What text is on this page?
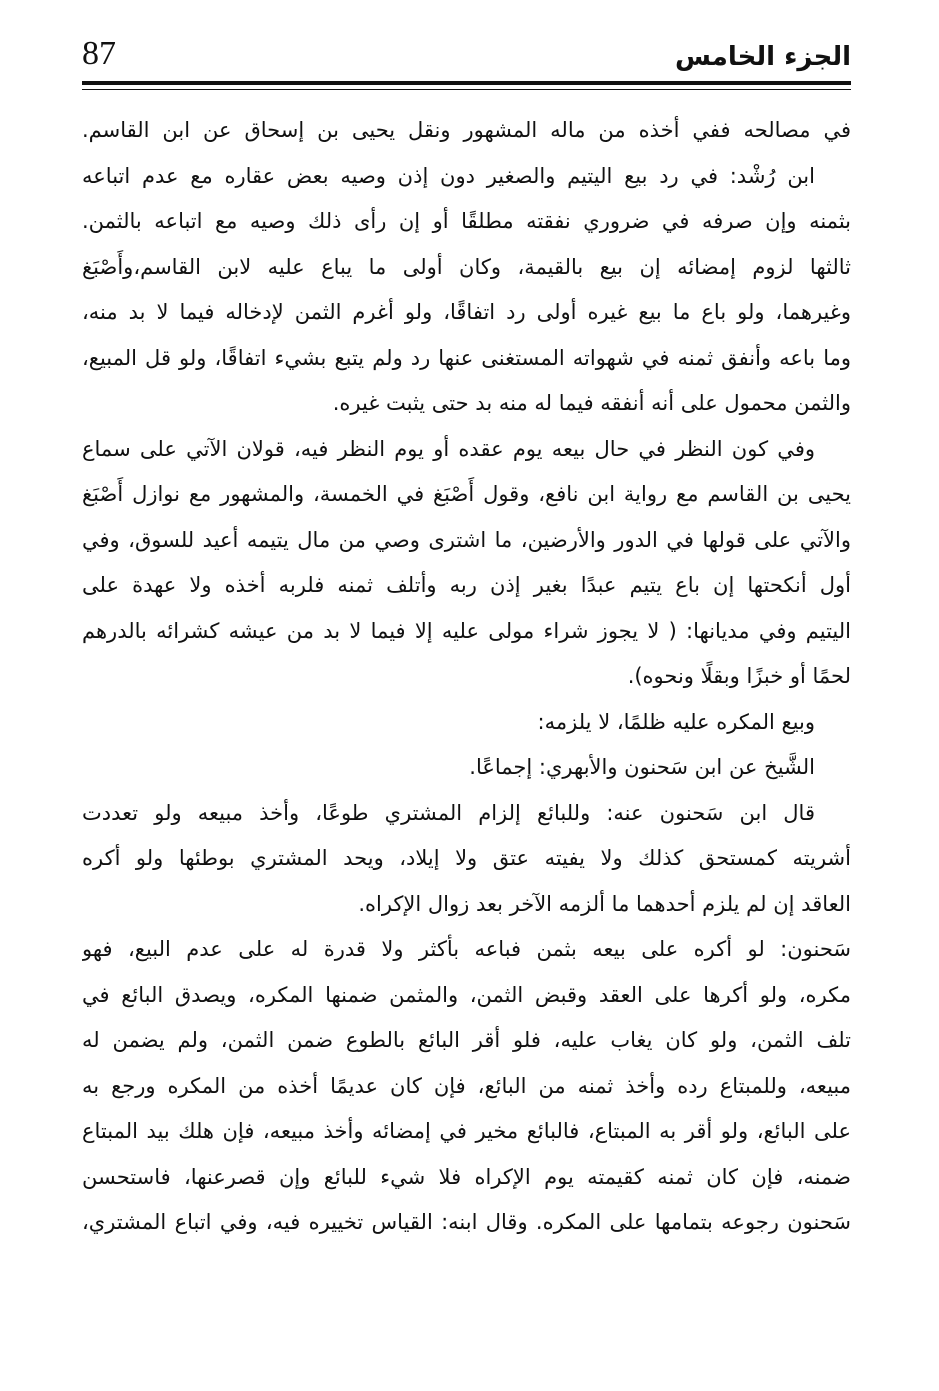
87	الجزء الخامس
في مصالحه ففي أخذه من ماله المشهور ونقل يحيى بن إسحاق عن ابن القاسم.
ابن رُشْد: في رد بيع اليتيم والصغير دون إذن وصيه بعض عقاره مع عدم اتباعه
بثمنه وإن صرفه في ضروري نفقته مطلقًا أو إن رأى ذلك وصيه مع اتباعه بالثمن.
ثالثها لزوم إمضائه إن بيع بالقيمة، وكان أولى ما يباع عليه لابن القاسم،وأَصْبَغ
وغيرهما، ولو باع ما بيع غيره أولى رد اتفاقًا، ولو أغرم الثمن لإدخاله فيما لا بد منه،
وما باعه وأنفق ثمنه في شهواته المستغنى عنها رد ولم يتبع بشيء اتفاقًا، ولو قل المبيع،
والثمن محمول على أنه أنفقه فيما له منه بد حتى يثبت غيره.
وفي كون النظر في حال بيعه يوم عقده أو يوم النظر فيه، قولان الآتي على سماع
يحيى بن القاسم مع رواية ابن نافع، وقول أَصْبَغ في الخمسة، والمشهور مع نوازل أَصْبَغ
والآتي على قولها في الدور والأرضين، ما اشترى وصي من مال يتيمه أعيد للسوق، وفي
أول أنكحتها إن باع يتيم عبدًا بغير إذن ربه وأتلف ثمنه فلربه أخذه ولا عهدة على
اليتيم وفي مديانها: ( لا يجوز شراء مولى عليه إلا فيما لا بد من عيشه كشرائه بالدرهم
لحمًا أو خبزًا وبقلًا ونحوه).
وبيع المكره عليه ظلمًا، لا يلزمه:
الشَّيخ عن ابن سَحنون والأبهري: إجماعًا.
قال ابن سَحنون عنه: وللبائع إلزام المشتري طوعًا، وأخذ مبيعه ولو تعددت
أشريته كمستحق كذلك ولا يفيته عتق ولا إيلاد، ويحد المشتري بوطئها ولو أكره
العاقد إن لم يلزم أحدهما ما ألزمه الآخر بعد زوال الإكراه.
سَحنون: لو أكره على بيعه بثمن فباعه بأكثر ولا قدرة له على عدم البيع، فهو
مكره، ولو أكرها على العقد وقبض الثمن، والمثمن ضمنها المكره، ويصدق البائع في
تلف الثمن، ولو كان يغاب عليه، فلو أقر البائع بالطوع ضمن الثمن، ولم يضمن له
مبيعه، وللمبتاع رده وأخذ ثمنه من البائع، فإن كان عديمًا أخذه من المكره ورجع به
على البائع، ولو أقر به المبتاع، فالبائع مخير في إمضائه وأخذ مبيعه، فإن هلك بيد المبتاع
ضمنه، فإن كان ثمنه كقيمته يوم الإكراه فلا شيء للبائع وإن قصرعنها، فاستحسن
سَحنون رجوعه بتمامها على المكره. وقال ابنه: القياس تخييره فيه، وفي اتباع المشتري،
